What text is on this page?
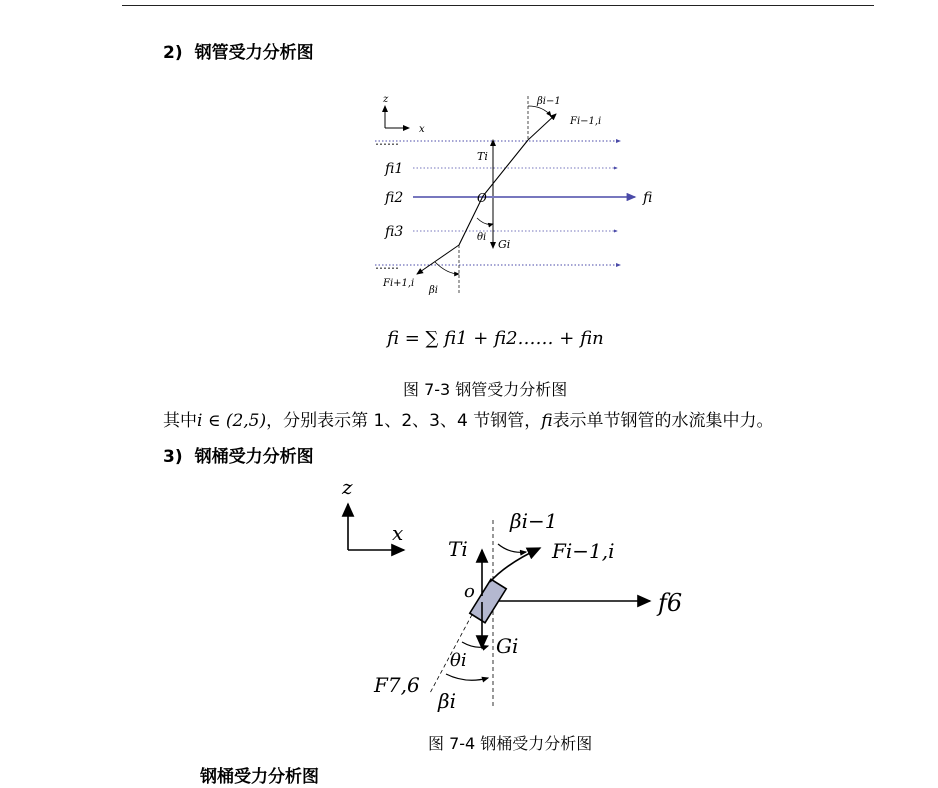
2) 钢管受力分析图
z
x
……
……
fi1
fi2
fi3
fi
Ti
Gi
O
βi−1
Fi−1,i
θi
Fi+1,i
βi
fi = ∑ fi1 + fi2…… + fin
图 7-3 钢管受力分析图
其中i ∈ (2,5)，分别表示第 1、2、3、4 节钢管，fi表示单节钢管的水流集中力。
3) 钢桶受力分析图
z
x
f6
Ti
Gi
o
Fi−1,i
βi−1
θi
βi
F7,6
图 7-4 钢桶受力分析图
钢桶受力分析图
